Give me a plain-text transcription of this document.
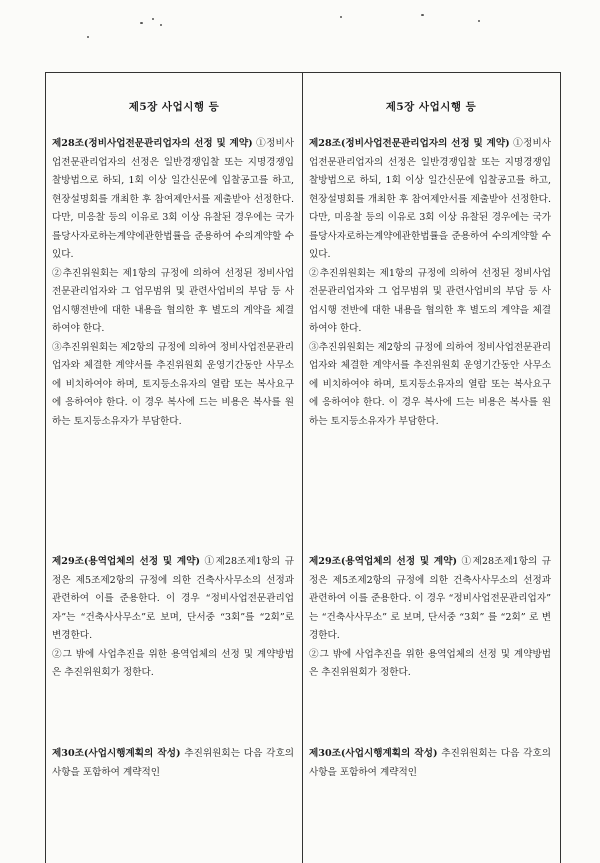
제5장 사업시행 등

제28조(정비사업전문관리업자의 선정 및 계약) ①정비사업전문관리업자의 선정은 일반경쟁입찰 또는 지명경쟁입찰방법으로 하되, 1회 이상 일간신문에 입찰공고를 하고, 현장설명회를 개최한 후 참여제안서를 제출받아 선정한다. 다만, 미응찰 등의 이유로 3회 이상 유찰된 경우에는 국가를당사자로하는계약에관한법률을 준용하여 수의계약할 수 있다.

②추진위원회는 제1항의 규정에 의하여 선정된 정비사업전문관리업자와 그 업무범위 및 관련사업비의 부담 등 사업시행전반에 대한 내용을 협의한 후 별도의 계약을 체결하여야 한다.

③추진위원회는 제2항의 규정에 의하여 정비사업전문관리업자와 체결한 계약서를 추진위원회 운영기간동안 사무소에 비치하여야 하며, 토지등소유자의 열람 또는 복사요구에 응하여야 한다. 이 경우 복사에 드는 비용은 복사를 원하는 토지등소유자가 부담한다.

제29조(용역업체의 선정 및 계약) ①제28조제1항의 규정은 제5조제2항의 규정에 의한 건축사사무소의 선정과 관련하여 이를 준용한다. 이 경우 “정비사업전문관리업자”는 “건축사사무소”로 보며, 단서중 “3회”를 “2회”로 변경한다.

②그 밖에 사업추진을 위한 용역업체의 선정 및 계약방법은 추진위원회가 정한다.

제30조(사업시행계획의 작성) 추진위원회는 다음 각호의 사항을 포함하여 계략적인

제5장 사업시행 등

제28조(정비사업전문관리업자의 선정 및 계약) ①정비사업전문관리업자의 선정은 일반경쟁입찰 또는 지명경쟁입찰방법으로 하되, 1회 이상 일간신문에 입찰공고를 하고, 현장설명회를 개최한 후 참여제안서를 제출받아 선정한다. 다만, 미응찰 등의 이유로 3회 이상 유찰된 경우에는 국가를당사자로하는계약에관한법률을 준용하여 수의계약할 수 있다.

②추진위원회는 제1항의 규정에 의하여 선정된 정비사업전문관리업자와 그 업무범위 및 관련사업비의 부담 등 사업시행 전반에 대한 내용을 협의한 후 별도의 계약을 체결하여야 한다.

③추진위원회는 제2항의 규정에 의하여 정비사업전문관리업자와 체결한 계약서를 추진위원회 운영기간동안 사무소에 비치하여야 하며, 토지등소유자의 열람 또는 복사요구에 응하여야 한다. 이 경우 복사에 드는 비용은 복사를 원하는 토지등소유자가 부담한다.

제29조(용역업체의 선정 및 계약) ①제28조제1항의 규정은 제5조제2항의 규정에 의한 건축사사무소의 선정과 관련하여 이를 준용한다. 이 경우 “정비사업전문관리업자” 는 “건축사사무소” 로 보며, 단서중 “3회” 를 “2회” 로 변경한다.

②그 밖에 사업추진을 위한 용역업체의 선정 및 계약방법은 추진위원회가 정한다.

제30조(사업시행계획의 작성) 추진위원회는 다음 각호의 사항을 포함하여 계략적인
